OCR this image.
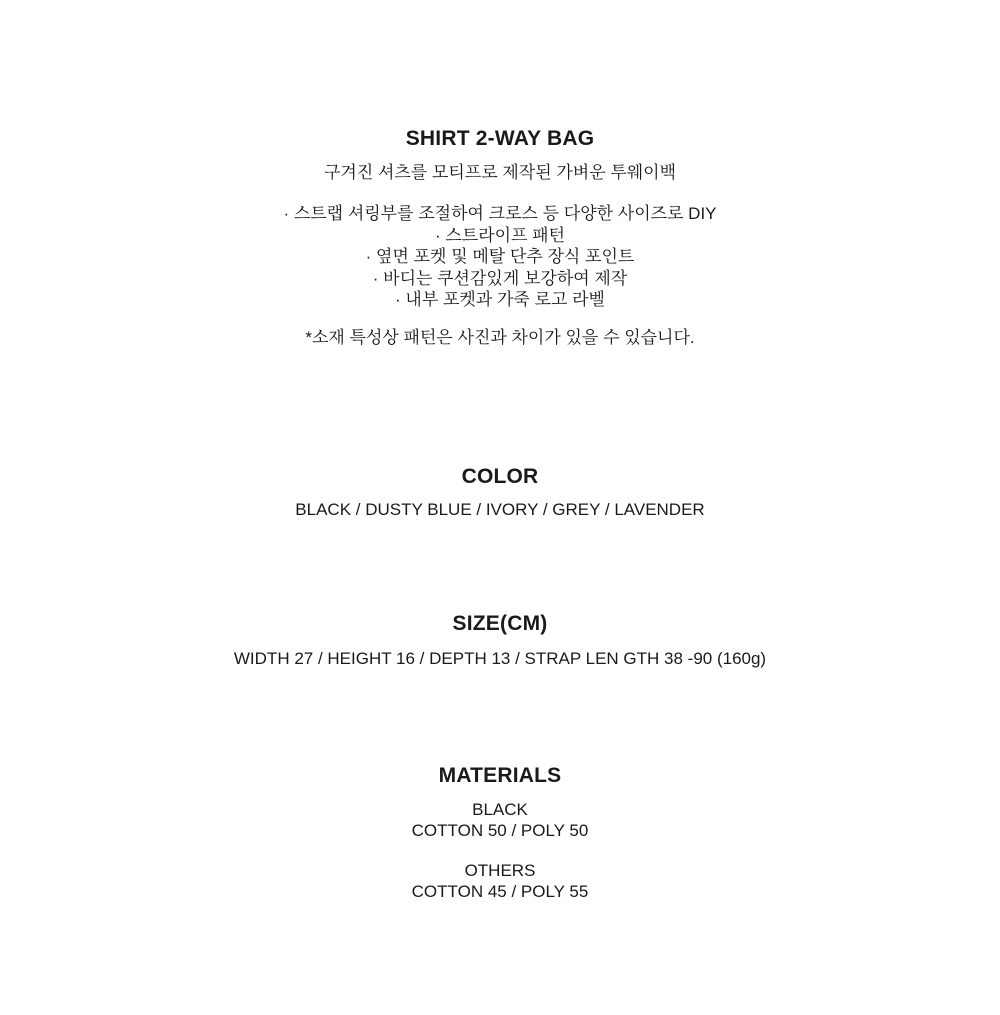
SHIRT 2-WAY BAG
구겨진 셔츠를 모티프로 제작된 가벼운 투웨이백
· 스트랩 셔링부를 조절하여 크로스 등 다양한 사이즈로 DIY
· 스트라이프 패턴
· 옆면 포켓 및 메탈 단추 장식 포인트
· 바디는 쿠션감있게 보강하여 제작
· 내부 포켓과 가죽 로고 라벨
*소재 특성상 패턴은 사진과 차이가 있을 수 있습니다.
COLOR
BLACK / DUSTY BLUE / IVORY / GREY / LAVENDER
SIZE(CM)
WIDTH 27 / HEIGHT 16 / DEPTH 13 / STRAP LEN GTH 38 -90 (160g)
MATERIALS
BLACK
COTTON 50 / POLY 50
OTHERS
COTTON 45 / POLY 55
